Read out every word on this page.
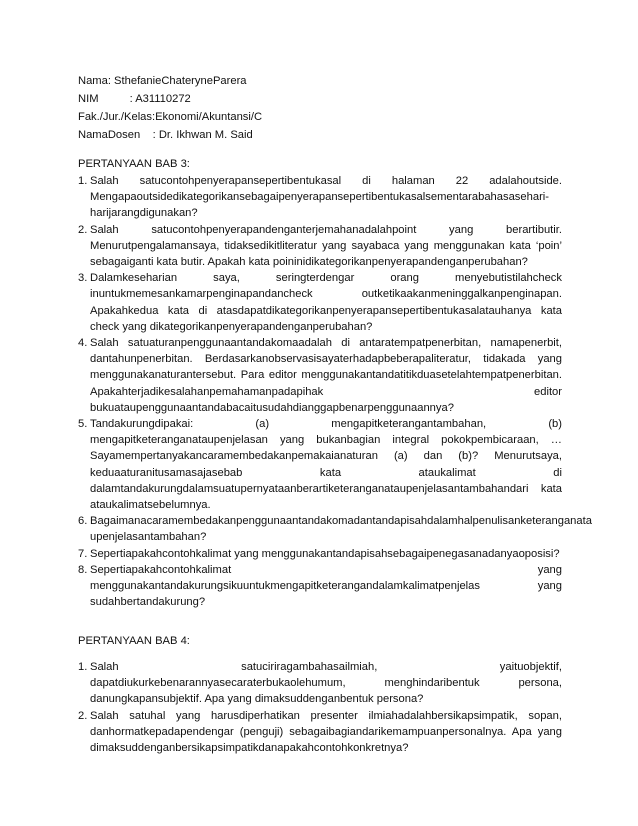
Nama: SthefanieChateryneParera
NIM          : A31110272
Fak./Jur./Kelas:Ekonomi/Akuntansi/C
NamaDosen    : Dr. Ikhwan M. Said
PERTANYAAN BAB 3:
1. Salah satucontohpenyerapansepertibentukasal di halaman 22 adalahoutside. Mengapaoutsidedikategorikansebagaipenyerapansepertibentukasalsementarabahasasehari-harijarangdigunakan?
2. Salah satucontohpenyerapandenganterjemahanadalahpoint yang berartibutir. Menurutpengalamansaya, tidaksedikitliteratur yang sayabaca yang menggunakan kata ‘poin’ sebagaiganti kata butir. Apakah kata poininidikategorikanpenyerapandenganperubahan?
3. Dalamkeseharian saya, seringterdengar orang menyebutistilahcheck inuntukmemesankamarpenginapandancheck outketikaakanmeninggalkanpenginapan. Apakahkedua kata di atasdapatdikategorikanpenyerapansepertibentukasalatauhanya kata check yang dikategorikanpenyerapandenganperubahan?
4. Salah satuaturanpenggunaantandakomaadalah di antaratempatpenerbitan, namapenerbit, dantahunpenerbitan. Berdasarkanobservasisayaterhadapbeberapaliteratur, tidakada yang menggunakanaturantersebut. Para editor menggunakantandatitikduasetelahtempatpenerbitan. Apakahterjadikesalahanpemahamanpadapihak editor bukuataupenggunaantandabacaitusudahdianggapbenarpenggunaannya?
5. Tandakurungdipakai: (a) mengapitketerangantambahan, (b) mengapitketeranganataupenjelasan yang bukanbagian integral pokokpembicaraan, … Sayamempertanyakancaramembedakanpemakaianaturan (a) dan (b)? Menurutsaya, keduaaturanitusamasajasebab kata ataukalimat di dalamtandakurungdalamsuatupernyataanberartiketeranganataupenjelasantambahandari kata ataukalimatsebelumnya.
6. Bagaimanacaramembedakanpenggunaantandakomadantandapisahdalamhalpenulisanketeranganata upenjelasantambahan?
7. Sepertiapakahcontohkalimat yang menggunakantandapisahsebagaipenegasanadanyaoposisi?
8. Sepertiapakahcontohkalimat yang menggunakantandakurungsikuuntukmengapitketerangandalamkalimatpenjelas yang sudahbertandakurung?
PERTANYAAN BAB 4:
1. Salah satuciriragambahasailmiah, yaituobjektif, dapatdiukurkebenarannyasecaraterbukaolehumum, menghindaribentuk persona, danungkapansubjektif. Apa yang dimaksuddenganbentuk persona?
2. Salah satuhal yang harusdiperhatikan presenter ilmiahadalahbersikapsimpatik, sopan, danhormatkepadapendengar (penguji) sebagaibagiandarikemampuanpersonalnya. Apa yang dimaksuddenganbersikapsimpatikdanapakahcontohkonkretnya?
